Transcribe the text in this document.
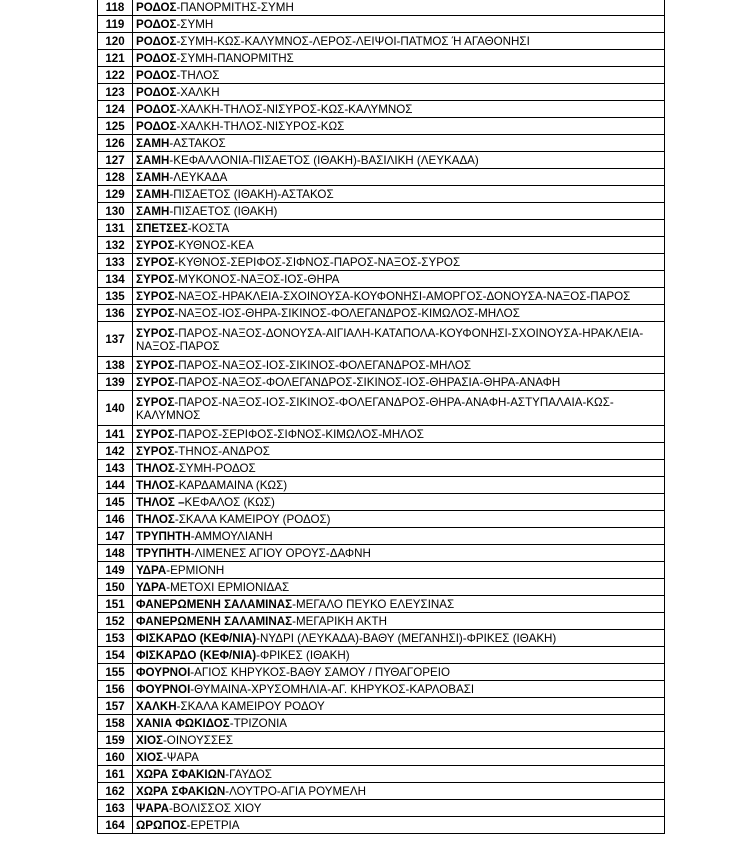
118	ΡΟΔΟΣ-ΠΑΝΟΡΜΙΤΗΣ-ΣΥΜΗ
119	ΡΟΔΟΣ-ΣΥΜΗ
120	ΡΟΔΟΣ-ΣΥΜΗ-ΚΩΣ-ΚΑΛΥΜΝΟΣ-ΛΕΡΟΣ-ΛΕΙΨΟΙ-ΠΑΤΜΟΣ Ή ΑΓΑΘΟΝΗΣΙ
121	ΡΟΔΟΣ-ΣΥΜΗ-ΠΑΝΟΡΜΙΤΗΣ
122	ΡΟΔΟΣ-ΤΗΛΟΣ
123	ΡΟΔΟΣ-ΧΑΛΚΗ
124	ΡΟΔΟΣ-ΧΑΛΚΗ-ΤΗΛΟΣ-ΝΙΣΥΡΟΣ-ΚΩΣ-ΚΑΛΥΜΝΟΣ
125	ΡΟΔΟΣ-ΧΑΛΚΗ-ΤΗΛΟΣ-ΝΙΣΥΡΟΣ-ΚΩΣ
126	ΣΑΜΗ-ΑΣΤΑΚΟΣ
127	ΣΑΜΗ-ΚΕΦΑΛΛΟΝΙΑ-ΠΙΣΑΕΤΟΣ (ΙΘΑΚΗ)-ΒΑΣΙΛΙΚΗ (ΛΕΥΚΑΔΑ)
128	ΣΑΜΗ-ΛΕΥΚΑΔΑ
129	ΣΑΜΗ-ΠΙΣΑΕΤΟΣ (ΙΘΑΚΗ)-ΑΣΤΑΚΟΣ
130	ΣΑΜΗ-ΠΙΣΑΕΤΟΣ (ΙΘΑΚΗ)
131	ΣΠΕΤΣΕΣ-ΚΟΣΤΑ
132	ΣΥΡΟΣ-ΚΥΘΝΟΣ-ΚΕΑ
133	ΣΥΡΟΣ-ΚΥΘΝΟΣ-ΣΕΡΙΦΟΣ-ΣΙΦΝΟΣ-ΠΑΡΟΣ-ΝΑΞΟΣ-ΣΥΡΟΣ
134	ΣΥΡΟΣ-ΜΥΚΟΝΟΣ-ΝΑΞΟΣ-ΙΟΣ-ΘΗΡΑ
135	ΣΥΡΟΣ-ΝΑΞΟΣ-ΗΡΑΚΛΕΙΑ-ΣΧΟΙΝΟΥΣΑ-ΚΟΥΦΟΝΗΣΙ-ΑΜΟΡΓΟΣ-ΔΟΝΟΥΣΑ-ΝΑΞΟΣ-ΠΑΡΟΣ
136	ΣΥΡΟΣ-ΝΑΞΟΣ-ΙΟΣ-ΘΗΡΑ-ΣΙΚΙΝΟΣ-ΦΟΛΕΓΑΝΔΡΟΣ-ΚΙΜΩΛΟΣ-ΜΗΛΟΣ
137	ΣΥΡΟΣ-ΠΑΡΟΣ-ΝΑΞΟΣ-ΔΟΝΟΥΣΑ-ΑΙΓΙΑΛΗ-ΚΑΤΑΠΟΛΑ-ΚΟΥΦΟΝΗΣΙ-ΣΧΟΙΝΟΥΣΑ-ΗΡΑΚΛΕΙΑ-ΝΑΞΟΣ-ΠΑΡΟΣ
138	ΣΥΡΟΣ-ΠΑΡΟΣ-ΝΑΞΟΣ-ΙΟΣ-ΣΙΚΙΝΟΣ-ΦΟΛΕΓΑΝΔΡΟΣ-ΜΗΛΟΣ
139	ΣΥΡΟΣ-ΠΑΡΟΣ-ΝΑΞΟΣ-ΦΟΛΕΓΑΝΔΡΟΣ-ΣΙΚΙΝΟΣ-ΙΟΣ-ΘΗΡΑΣΙΑ-ΘΗΡΑ-ΑΝΑΦΗ
140	ΣΥΡΟΣ-ΠΑΡΟΣ-ΝΑΞΟΣ-ΙΟΣ-ΣΙΚΙΝΟΣ-ΦΟΛΕΓΑΝΔΡΟΣ-ΘΗΡΑ-ΑΝΑΦΗ-ΑΣΤΥΠΑΛΑΙΑ-ΚΩΣ-ΚΑΛΥΜΝΟΣ
141	ΣΥΡΟΣ-ΠΑΡΟΣ-ΣΕΡΙΦΟΣ-ΣΙΦΝΟΣ-ΚΙΜΩΛΟΣ-ΜΗΛΟΣ
142	ΣΥΡΟΣ-ΤΗΝΟΣ-ΑΝΔΡΟΣ
143	ΤΗΛΟΣ-ΣΥΜΗ-ΡΟΔΟΣ
144	ΤΗΛΟΣ-ΚΑΡΔΑΜΑΙΝΑ (ΚΩΣ)
145	ΤΗΛΟΣ –ΚΕΦΑΛΟΣ (ΚΩΣ)
146	ΤΗΛΟΣ-ΣΚΑΛΑ ΚΑΜΕΙΡΟΥ (ΡΟΔΟΣ)
147	ΤΡΥΠΗΤΗ-ΑΜΜΟΥΛΙΑΝΗ
148	ΤΡΥΠΗΤΗ-ΛΙΜΕΝΕΣ ΑΓΙΟΥ ΟΡΟΥΣ-ΔΑΦΝΗ
149	ΥΔΡΑ-ΕΡΜΙΟΝΗ
150	ΥΔΡΑ-ΜΕΤΟΧΙ ΕΡΜΙΟΝΙΔΑΣ
151	ΦΑΝΕΡΩΜΕΝΗ ΣΑΛΑΜΙΝΑΣ-ΜΕΓΑΛΟ ΠΕΥΚΟ ΕΛΕΥΣΙΝΑΣ
152	ΦΑΝΕΡΩΜΕΝΗ ΣΑΛΑΜΙΝΑΣ-ΜΕΓΑΡΙΚΗ ΑΚΤΗ
153	ΦΙΣΚΑΡΔΟ (ΚΕΦ/ΝΙΑ)-ΝΥΔΡΙ (ΛΕΥΚΑΔΑ)-ΒΑΘΥ (ΜΕΓΑΝΗΣΙ)-ΦΡΙΚΕΣ (ΙΘΑΚΗ)
154	ΦΙΣΚΑΡΔΟ (ΚΕΦ/ΝΙΑ)-ΦΡΙΚΕΣ (ΙΘΑΚΗ)
155	ΦΟΥΡΝΟΙ-ΑΓΙΟΣ ΚΗΡΥΚΟΣ-ΒΑΘΥ ΣΑΜΟΥ / ΠΥΘΑΓΟΡΕΙΟ
156	ΦΟΥΡΝΟΙ-ΘΥΜΑΙΝΑ-ΧΡΥΣΟΜΗΛΙΑ-ΑΓ. ΚΗΡΥΚΟΣ-ΚΑΡΛΟΒΑΣΙ
157	ΧΑΛΚΗ-ΣΚΑΛΑ ΚΑΜΕΙΡΟΥ ΡΟΔΟΥ
158	ΧΑΝΙΑ ΦΩΚΙΔΟΣ-ΤΡΙΖΟΝΙΑ
159	ΧΙΟΣ-ΟΙΝΟΥΣΣΕΣ
160	ΧΙΟΣ-ΨΑΡΑ
161	ΧΩΡΑ ΣΦΑΚΙΩΝ-ΓΑΥΔΟΣ
162	ΧΩΡΑ ΣΦΑΚΙΩΝ-ΛΟΥΤΡΟ-ΑΓΙΑ ΡΟΥΜΕΛΗ
163	ΨΑΡΑ-ΒΟΛΙΣΣΟΣ ΧΙΟΥ
164	ΩΡΩΠΟΣ-ΕΡΕΤΡΙΑ
